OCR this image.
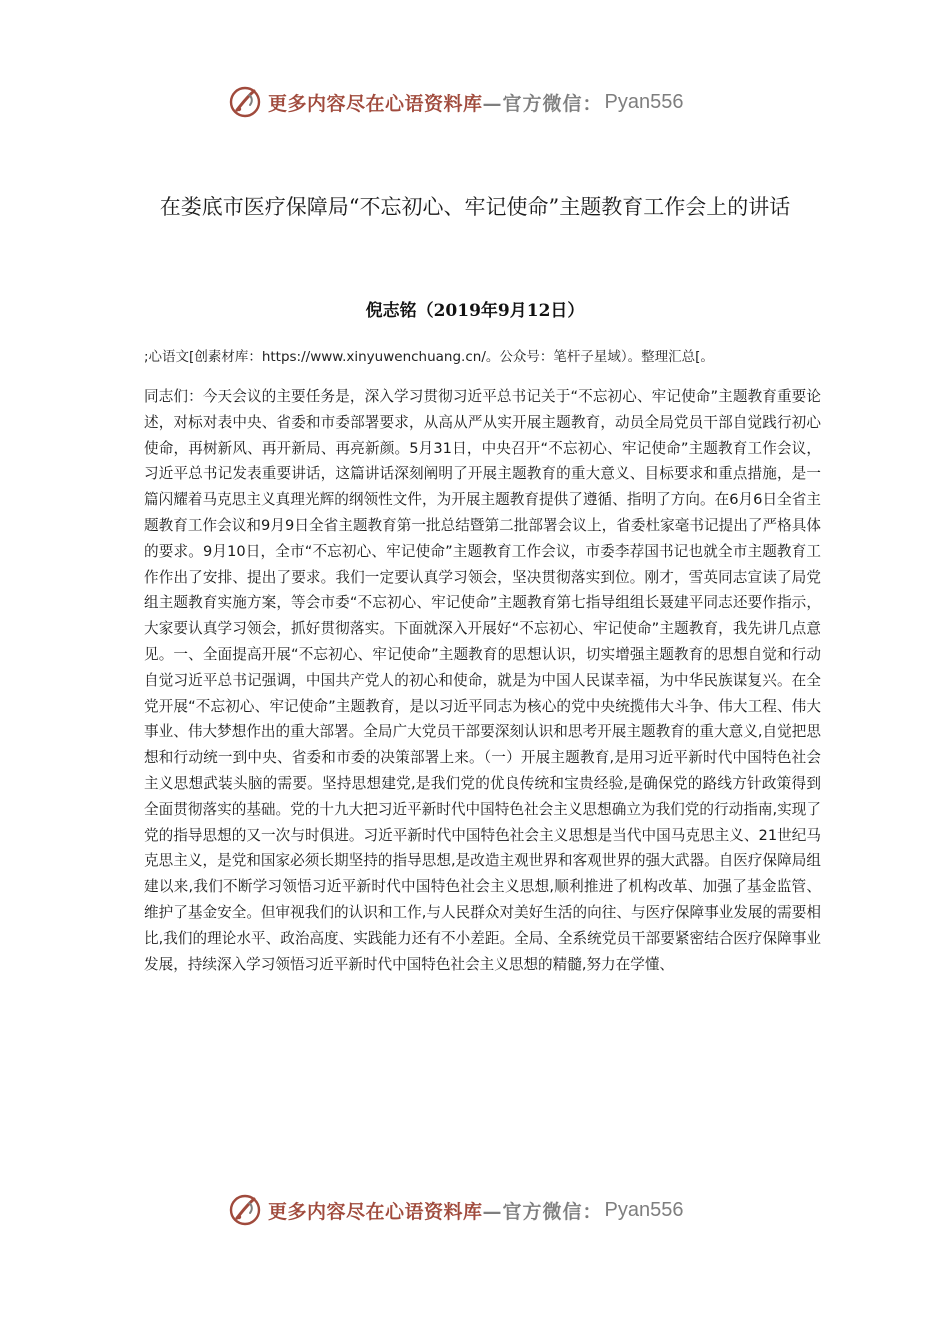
更多内容尽在心语资料库 —官方微信： Pyan556
在娄底市医疗保障局“不忘初心、牢记使命”主题教育工作会上的讲话
倪志铭（2019年9月12日）
;心语文[创素材库：https://www.xinyuwenchuang.cn/。公众号：笔杆子星域）。整理汇总[。

同志们：今天会议的主要任务是，深入学习贯彻习近平总书记关于“不忘初心、牢记使命”主题教育重要论述，对标对表中央、省委和市委部署要求，从高从严从实开展主题教育，动员全局党员干部自觉践行初心使命，再树新风、再开新局、再亮新颜。5月31日，中央召开“不忘初心、牢记使命”主题教育工作会议，习近平总书记发表重要讲话，这篇讲话深刻阐明了开展主题教育的重大意义、目标要求和重点措施，是一篇闪耀着马克思主义真理光辉的纲领性文件，为开展主题教育提供了遵循、指明了方向。在6月6日全省主题教育工作会议和9月9日全省主题教育第一批总结暨第二批部署会议上，省委杜家毫书记提出了严格具体的要求。9月10日，全市“不忘初心、牢记使命”主题教育工作会议，市委李荐国书记也就全市主题教育工作作出了安排、提出了要求。我们一定要认真学习领会，坚决贯彻落实到位。刚才，雪英同志宣读了局党组主题教育实施方案，等会市委“不忘初心、牢记使命”主题教育第七指导组组长聂建平同志还要作指示，大家要认真学习领会，抓好贯彻落实。下面就深入开展好“不忘初心、牢记使命”主题教育，我先讲几点意见。一、全面提高开展“不忘初心、牢记使命”主题教育的思想认识，切实增强主题教育的思想自觉和行动自觉习近平总书记强调，中国共产党人的初心和使命，就是为中国人民谋幸福，为中华民族谋复兴。在全党开展“不忘初心、牢记使命”主题教育，是以习近平同志为核心的党中央统揽伟大斗争、伟大工程、伟大事业、伟大梦想作出的重大部署。全局广大党员干部要深刻认识和思考开展主题教育的重大意义,自觉把思想和行动统一到中央、省委和市委的决策部署上来。（一）开展主题教育,是用习近平新时代中国特色社会主义思想武装头脑的需要。坚持思想建党,是我们党的优良传统和宝贵经验,是确保党的路线方针政策得到全面贯彻落实的基础。党的十九大把习近平新时代中国特色社会主义思想确立为我们党的行动指南,实现了党的指导思想的又一次与时俱进。习近平新时代中国特色社会主义思想是当代中国马克思主义、21世纪马克思主义，是党和国家必须长期坚持的指导思想,是改造主观世界和客观世界的强大武器。自医疗保障局组建以来,我们不断学习领悟习近平新时代中国特色社会主义思想,顺利推进了机构改革、加强了基金监管、维护了基金安全。但审视我们的认识和工作,与人民群众对美好生活的向往、与医疗保障事业发展的需要相比,我们的理论水平、政治高度、实践能力还有不小差距。全局、全系统党员干部要紧密结合医疗保障事业发展，持续深入学习领悟习近平新时代中国特色社会主义思想的精髓,努力在学懂、

更多内容尽在心语资料库 —官方微信： Pyan556
